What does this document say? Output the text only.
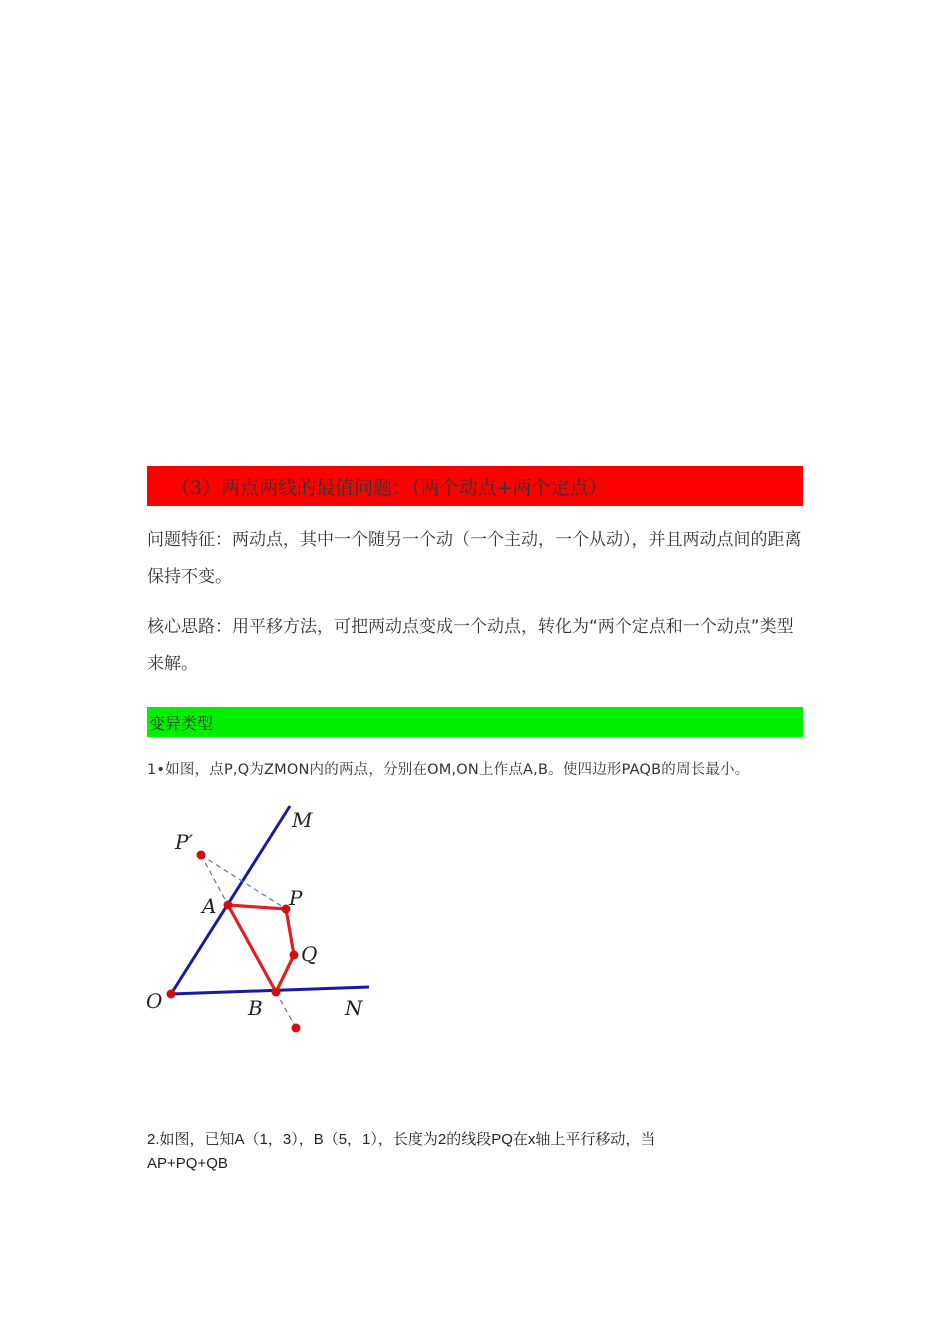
（3）两点两线的最值问题：（两个动点+两个定点）
问题特征：两动点，其中一个随另一个动（一个主动，一个从动），并且两动点间的距离保持不变。
核心思路：用平移方法，可把两动点变成一个动点，转化为“两个定点和一个动点”类型来解。
变异类型
1•如图，点P,Q为ZMON内的两点，分别在OM,ON上作点A,B。使四边形PAQB的周长最小。
M
P′
A	P
Q
O	B	N
2.如图，已知A（1，3），B（5，1），长度为2的线段PQ在x轴上平行移动，当
AP+PQ+QB
